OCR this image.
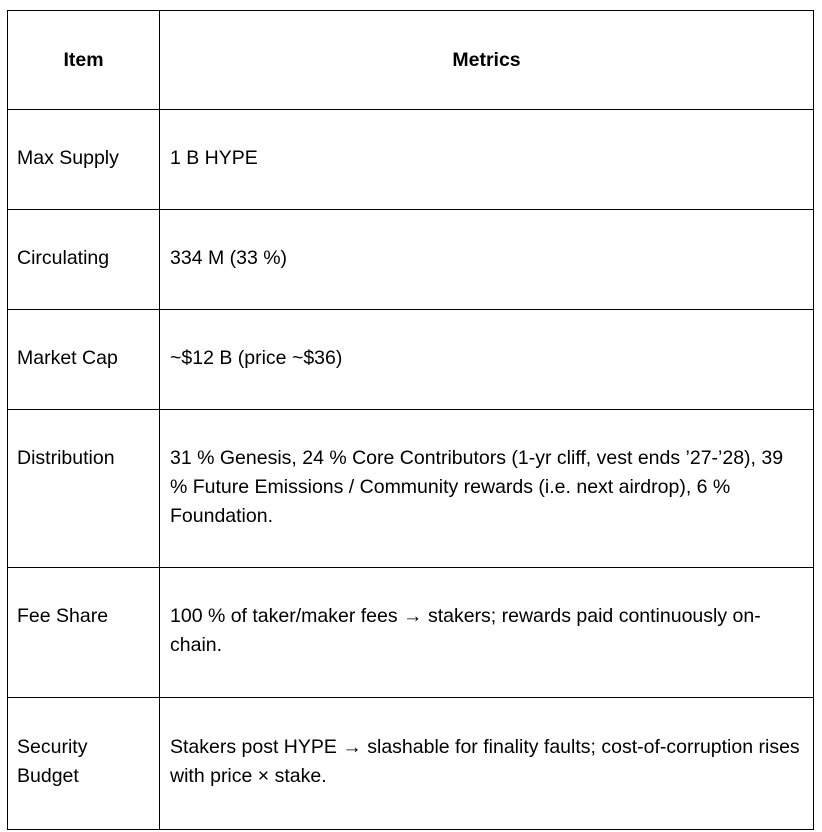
Item	Metrics
Max Supply	1 B HYPE
Circulating	334 M (33 %)
Market Cap	~$12 B (price ~$36)
Distribution	31 % Genesis, 24 % Core Contributors (1-yr cliff, vest ends ’27-’28), 39 % Future Emissions / Community rewards (i.e. next airdrop), 6 % Foundation.
Fee Share	100 % of taker/maker fees → stakers; rewards paid continuously on-chain.
Security Budget	Stakers post HYPE → slashable for finality faults; cost-of-corruption rises with price × stake.
